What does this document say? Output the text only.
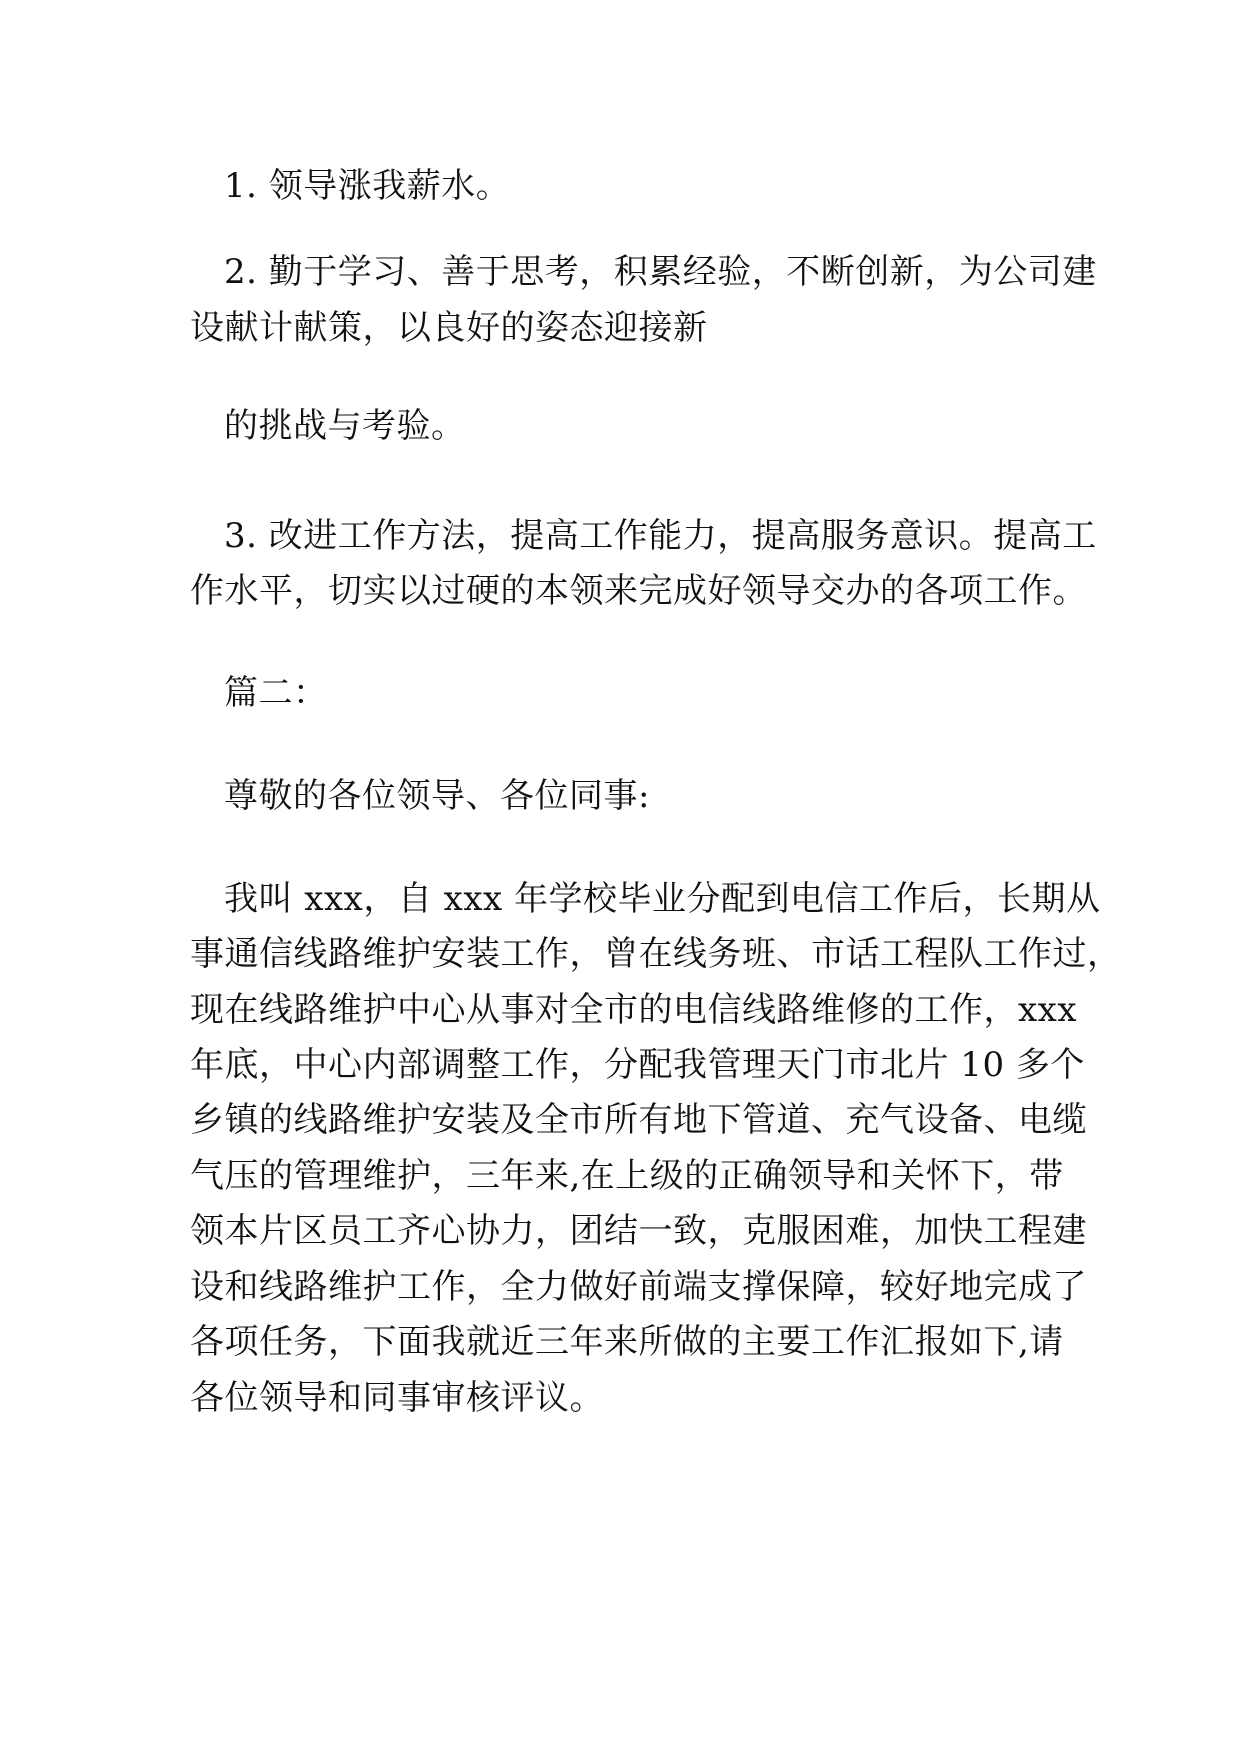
1. 领导涨我薪水。
2. 勤于学习、善于思考，积累经验，不断创新，为公司建
设献计献策，以良好的姿态迎接新
的挑战与考验。
3. 改进工作方法，提高工作能力，提高服务意识。提高工
作水平，切实以过硬的本领来完成好领导交办的各项工作。
篇二：
尊敬的各位领导、各位同事:
我叫 xxx，自 xxx 年学校毕业分配到电信工作后，长期从
事通信线路维护安装工作，曾在线务班、市话工程队工作过，
现在线路维护中心从事对全市的电信线路维修的工作，xxx
年底，中心内部调整工作，分配我管理天门市北片 10 多个
乡镇的线路维护安装及全市所有地下管道、充气设备、电缆
气压的管理维护，三年来,在上级的正确领导和关怀下，带
领本片区员工齐心协力，团结一致，克服困难，加快工程建
设和线路维护工作，全力做好前端支撑保障，较好地完成了
各项任务，下面我就近三年来所做的主要工作汇报如下,请
各位领导和同事审核评议。
